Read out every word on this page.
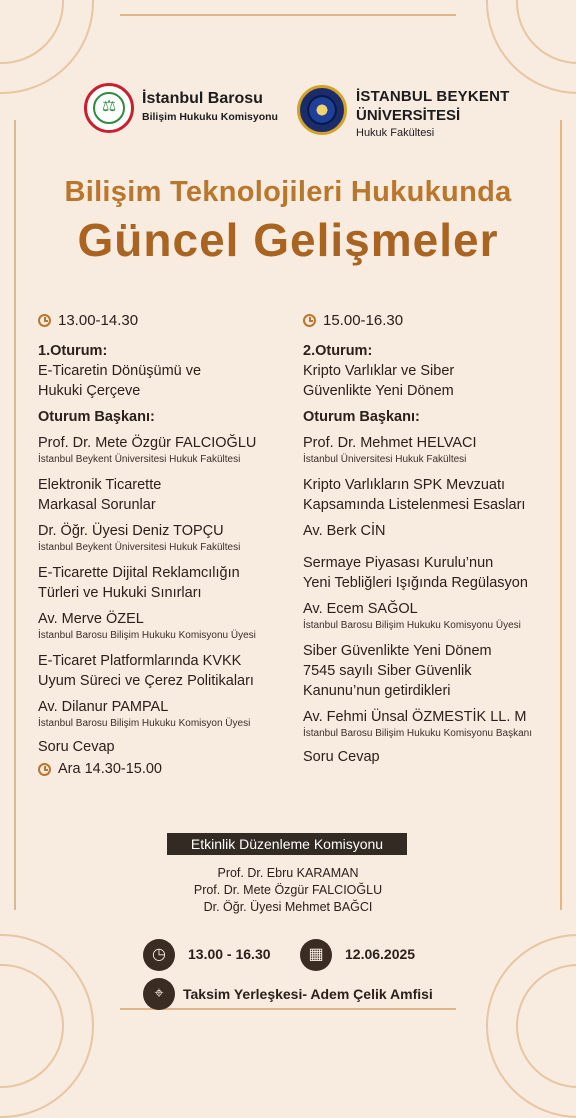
⚖	İstanbul Barosu
Bilişim Hukuku Komisyonu
İSTANBUL BEYKENT
ÜNİVERSİTESİ
Hukuk Fakültesi
Bilişim Teknolojileri Hukukunda
Güncel Gelişmeler
13.00-14.30
1.Oturum:
E-Ticaretin Dönüşümü ve
Hukuki Çerçeve
Oturum Başkanı:
Prof. Dr. Mete Özgür FALCIOĞLU
İstanbul Beykent Üniversitesi Hukuk Fakültesi
Elektronik Ticarette
Markasal Sorunlar
Dr. Öğr. Üyesi Deniz TOPÇU
İstanbul Beykent Üniversitesi Hukuk Fakültesi
E-Ticarette Dijital Reklamcılığın
Türleri ve Hukuki Sınırları
Av. Merve ÖZEL
İstanbul Barosu Bilişim Hukuku Komisyonu Üyesi
E-Ticaret Platformlarında KVKK
Uyum Süreci ve Çerez Politikaları
Av. Dilanur PAMPAL
İstanbul Barosu Bilişim Hukuku Komisyon Üyesi
Soru Cevap
Ara 14.30-15.00
15.00-16.30
2.Oturum:
Kripto Varlıklar ve Siber
Güvenlikte Yeni Dönem
Oturum Başkanı:
Prof. Dr. Mehmet HELVACI
İstanbul Üniversitesi Hukuk Fakültesi
Kripto Varlıkların SPK Mevzuatı
Kapsamında Listelenmesi Esasları
Av. Berk CİN
Sermaye Piyasası Kurulu’nun
Yeni Tebliğleri Işığında Regülasyon
Av. Ecem SAĞOL
İstanbul Barosu Bilişim Hukuku Komisyonu Üyesi
Siber Güvenlikte Yeni Dönem
7545 sayılı Siber Güvenlik
Kanunu’nun getirdikleri
Av. Fehmi Ünsal ÖZMESTİK LL. M
İstanbul Barosu Bilişim Hukuku Komisyonu Başkanı
Soru Cevap
Etkinlik Düzenleme Komisyonu
Prof. Dr. Ebru KARAMAN
Prof. Dr. Mete Özgür FALCIOĞLU
Dr. Öğr. Üyesi Mehmet BAĞCI
◷	13.00 - 16.30	▦	12.06.2025
⌖	Taksim Yerleşkesi- Adem Çelik Amfisi
